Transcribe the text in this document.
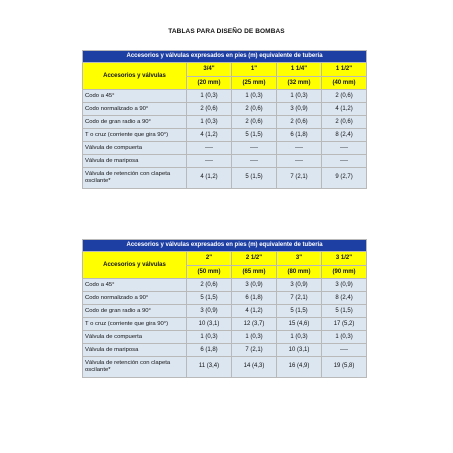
TABLAS PARA DISEÑO DE BOMBAS
Accesorios y válvulas expresados en pies (m) equivalente de tubería				
Accesorios y válvulas	3/4"	1"	1 1/4"	1 1/2"
	(20 mm)	(25 mm)	(32 mm)	(40 mm)
Codo a 45°	1 (0,3)	1 (0,3)	1 (0,3)	2 (0,6)
Codo normalizado a 90°	2 (0,6)	2 (0,6)	3 (0,9)	4 (1,2)
Codo de gran radio a 90°	1 (0,3)	2 (0,6)	2 (0,6)	2 (0,6)
T o cruz (corriente que gira 90°)	4 (1,2)	5 (1,5)	6 (1,8)	8 (2,4)
Válvula de compuerta	----	----	----	----
Válvula de mariposa	----	----	----	----
Válvula de retención con clapeta oscilante*	4 (1,2)	5 (1,5)	7 (2,1)	9 (2,7)
Accesorios y válvulas expresados en pies (m) equivalente de tubería				
Accesorios y válvulas	2"	2 1/2"	3"	3 1/2"
	(50 mm)	(65 mm)	(80 mm)	(90 mm)
Codo a 45°	2 (0,6)	3 (0,9)	3 (0,9)	3 (0,9)
Codo normalizado a 90°	5 (1,5)	6 (1,8)	7 (2,1)	8 (2,4)
Codo de gran radio a 90°	3 (0,9)	4 (1,2)	5 (1,5)	5 (1,5)
T o cruz (corriente que gira 90°)	10 (3,1)	12 (3,7)	15 (4,6)	17 (5,2)
Válvula de compuerta	1 (0,3)	1 (0,3)	1 (0,3)	1 (0,3)
Válvula de mariposa	6 (1,8)	7 (2,1)	10 (3,1)	----
Válvula de retención con clapeta oscilante*	11 (3,4)	14 (4,3)	16 (4,9)	19 (5,8)
